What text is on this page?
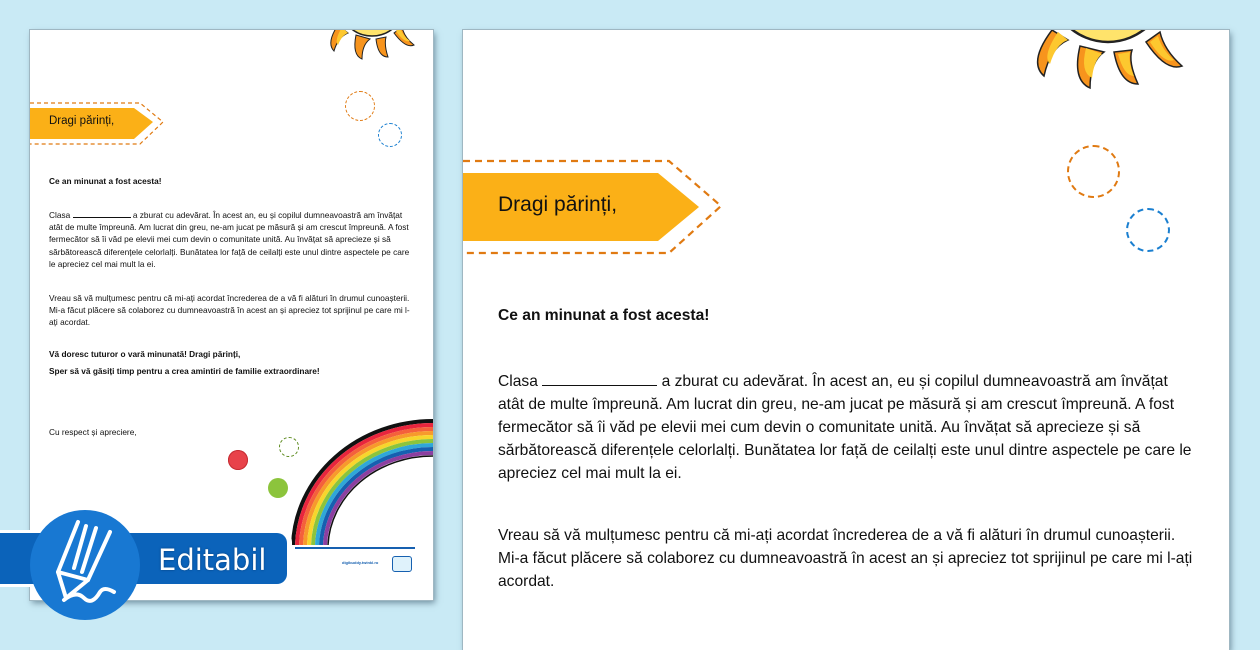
Dragi părinți,
Ce an minunat a fost acesta!
Clasa	a zburat cu adevărat. În acest an, eu și copilul dumneavoastră am învățat atât de multe împreună. Am lucrat din greu, ne-am jucat pe măsură și am crescut împreună. A fost fermecător să îi văd pe elevii mei cum devin o comunitate unită. Au învățat să aprecieze și să sărbătorească diferențele celorlalți. Bunătatea lor față de ceilalți este unul dintre aspectele pe care le apreciez cel mai mult la ei.
Vreau să vă mulțumesc pentru că mi-ați acordat încrederea de a vă fi alături în drumul cunoașterii. Mi-a făcut plăcere să colaborez cu dumneavoastră în acest an și apreciez tot sprijinul pe care mi l-ați acordat.
Vă doresc tuturor o vară minunată! Dragi părinți,
Sper să vă găsiți timp pentru a crea amintiri de familie extraordinare!
Cu respect și apreciere,
digibuddy.twinkl.ro
Dragi părinți,
Ce an minunat a fost acesta!
Clasa	a zburat cu adevărat. În acest an, eu și copilul dumneavoastră am învățat atât de multe împreună. Am lucrat din greu, ne-am jucat pe măsură și am crescut împreună. A fost fermecător să îi văd pe elevii mei cum devin o comunitate unită. Au învățat să aprecieze și să sărbătorească diferențele celorlalți. Bunătatea lor față de ceilalți este unul dintre aspectele pe care le apreciez cel mai mult la ei.
Vreau să vă mulțumesc pentru că mi-ați acordat încrederea de a vă fi alături în drumul cunoașterii. Mi-a făcut plăcere să colaborez cu dumneavoastră în acest an și apreciez tot sprijinul pe care mi l-ați acordat.
Editabil
